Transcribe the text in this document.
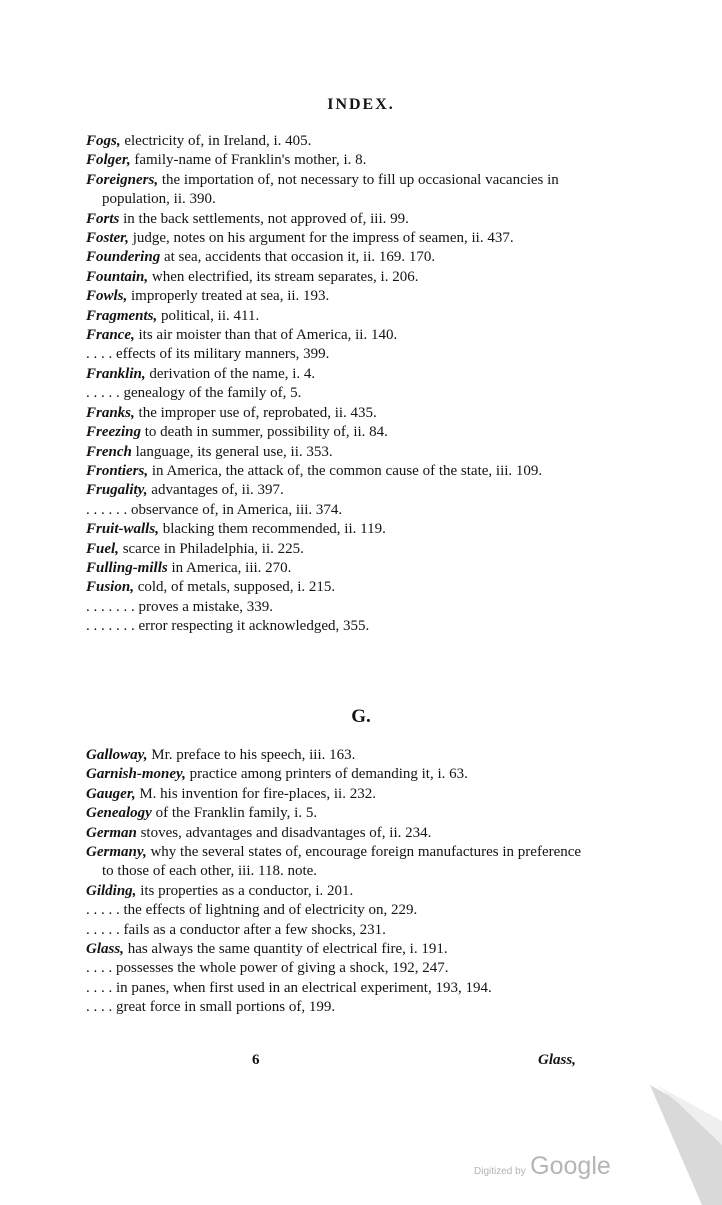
INDEX.
Fogs, electricity of, in Ireland, i. 405.
Folger, family-name of Franklin's mother, i. 8.
Foreigners, the importation of, not necessary to fill up occasional vacancies in population, ii. 390.
Forts in the back settlements, not approved of, iii. 99.
Foster, judge, notes on his argument for the impress of seamen, ii. 437.
Foundering at sea, accidents that occasion it, ii. 169. 170.
Fountain, when electrified, its stream separates, i. 206.
Fowls, improperly treated at sea, ii. 193.
Fragments, political, ii. 411.
France, its air moister than that of America, ii. 140.
. . . . effects of its military manners, 399.
Franklin, derivation of the name, i. 4.
. . . . . genealogy of the family of, 5.
Franks, the improper use of, reprobated, ii. 435.
Freezing to death in summer, possibility of, ii. 84.
French language, its general use, ii. 353.
Frontiers, in America, the attack of, the common cause of the state, iii. 109.
Frugality, advantages of, ii. 397.
. . . . . . observance of, in America, iii. 374.
Fruit-walls, blacking them recommended, ii. 119.
Fuel, scarce in Philadelphia, ii. 225.
Fulling-mills in America, iii. 270.
Fusion, cold, of metals, supposed, i. 215.
. . . . . . . proves a mistake, 339.
. . . . . . . error respecting it acknowledged, 355.
G.
Galloway, Mr. preface to his speech, iii. 163.
Garnish-money, practice among printers of demanding it, i. 63.
Gauger, M. his invention for fire-places, ii. 232.
Genealogy of the Franklin family, i. 5.
German stoves, advantages and disadvantages of, ii. 234.
Germany, why the several states of, encourage foreign manufactures in preference to those of each other, iii. 118. note.
Gilding, its properties as a conductor, i. 201.
. . . . . the effects of lightning and of electricity on, 229.
. . . . . fails as a conductor after a few shocks, 231.
Glass, has always the same quantity of electrical fire, i. 191.
. . . . possesses the whole power of giving a shock, 192, 247.
. . . . in panes, when first used in an electrical experiment, 193, 194.
. . . . great force in small portions of, 199.
6	Glass,
Digitized by Google
